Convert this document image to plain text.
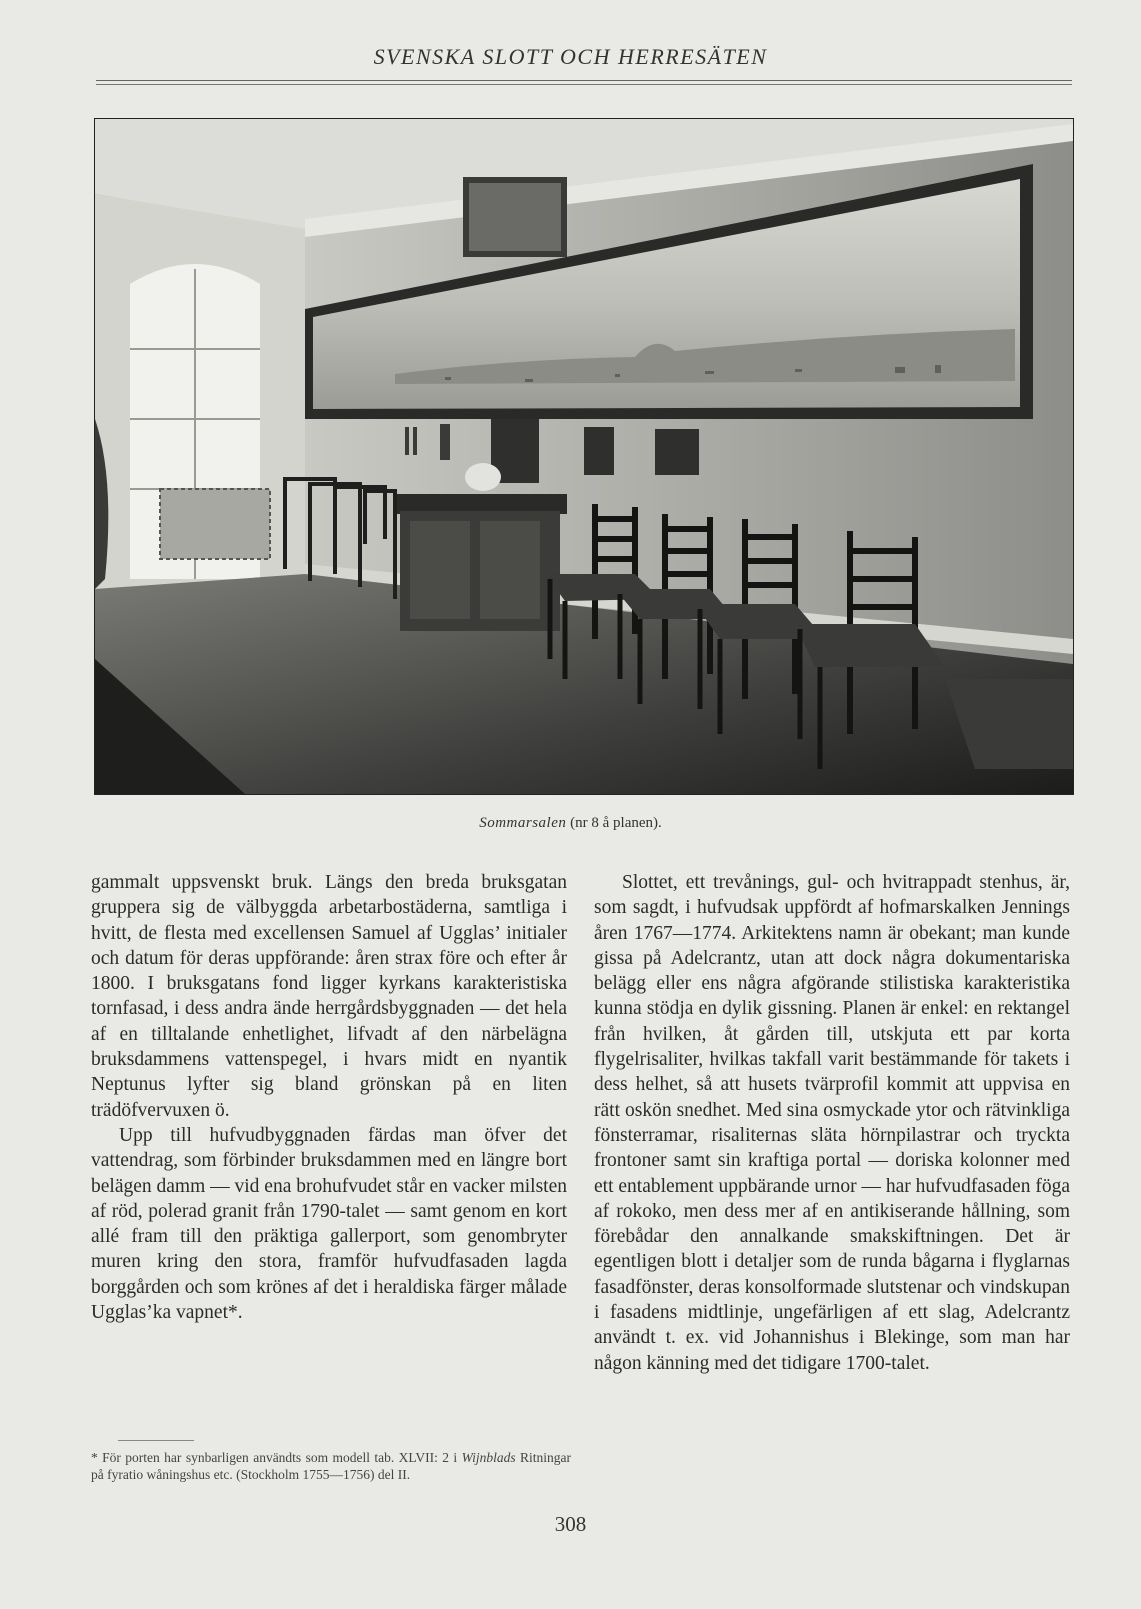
SVENSKA SLOTT OCH HERRESÄTEN
Sommarsalen (nr 8 å planen).

gammalt uppsvenskt bruk. Längs den breda bruksgatan gruppera sig de välbyggda arbetarbostäderna, samtliga i hvitt, de flesta med excellensen Samuel af Ugglas’ initialer och datum för deras uppförande: åren strax före och efter år 1800. I bruksgatans fond ligger kyrkans karakteristiska tornfasad, i dess andra ände herrgårdsbyggnaden — det hela af en tilltalande enhetlighet, lifvadt af den närbelägna bruksdammens vattenspegel, i hvars midt en nyantik Neptunus lyfter sig bland grönskan på en liten trädöfvervuxen ö.

Upp till hufvudbyggnaden färdas man öfver det vattendrag, som förbinder bruksdammen med en längre bort belägen damm — vid ena brohufvudet står en vacker milsten af röd, polerad granit från 1790-talet — samt genom en kort allé fram till den präktiga gallerport, som genombryter muren kring den stora, framför hufvudfasaden lagda borggården och som krönes af det i heraldiska färger målade Ugglas’ka vapnet*.

Slottet, ett trevånings, gul- och hvitrappadt stenhus, är, som sagdt, i hufvudsak uppfördt af hofmarskalken Jennings åren 1767—1774. Arkitektens namn är obekant; man kunde gissa på Adelcrantz, utan att dock några dokumentariska belägg eller ens några afgörande stilistiska karakteristika kunna stödja en dylik gissning. Planen är enkel: en rektangel från hvilken, åt gården till, utskjuta ett par korta flygelrisaliter, hvilkas takfall varit bestämmande för takets i dess helhet, så att husets tvärprofil kommit att uppvisa en rätt oskön snedhet. Med sina osmyckade ytor och rätvinkliga fönsterramar, risaliternas släta hörnpilastrar och tryckta frontoner samt sin kraftiga portal — doriska kolonner med ett entablement uppbärande urnor — har hufvudfasaden föga af rokoko, men dess mer af en antikiserande hållning, som förebådar den annalkande smakskiftningen. Det är egentligen blott i detaljer som de runda bågarna i flyglarnas fasadfönster, deras konsolformade slutstenar och vindskupan i fasadens midtlinje, ungefärligen af ett slag, Adelcrantz användt t. ex. vid Johannishus i Blekinge, som man har någon känning med det tidigare 1700-talet.

* För porten har synbarligen användts som modell tab. XLVII: 2 i Wijnblads Ritningar på fyratio wåningshus etc. (Stockholm 1755—1756) del II.
308
